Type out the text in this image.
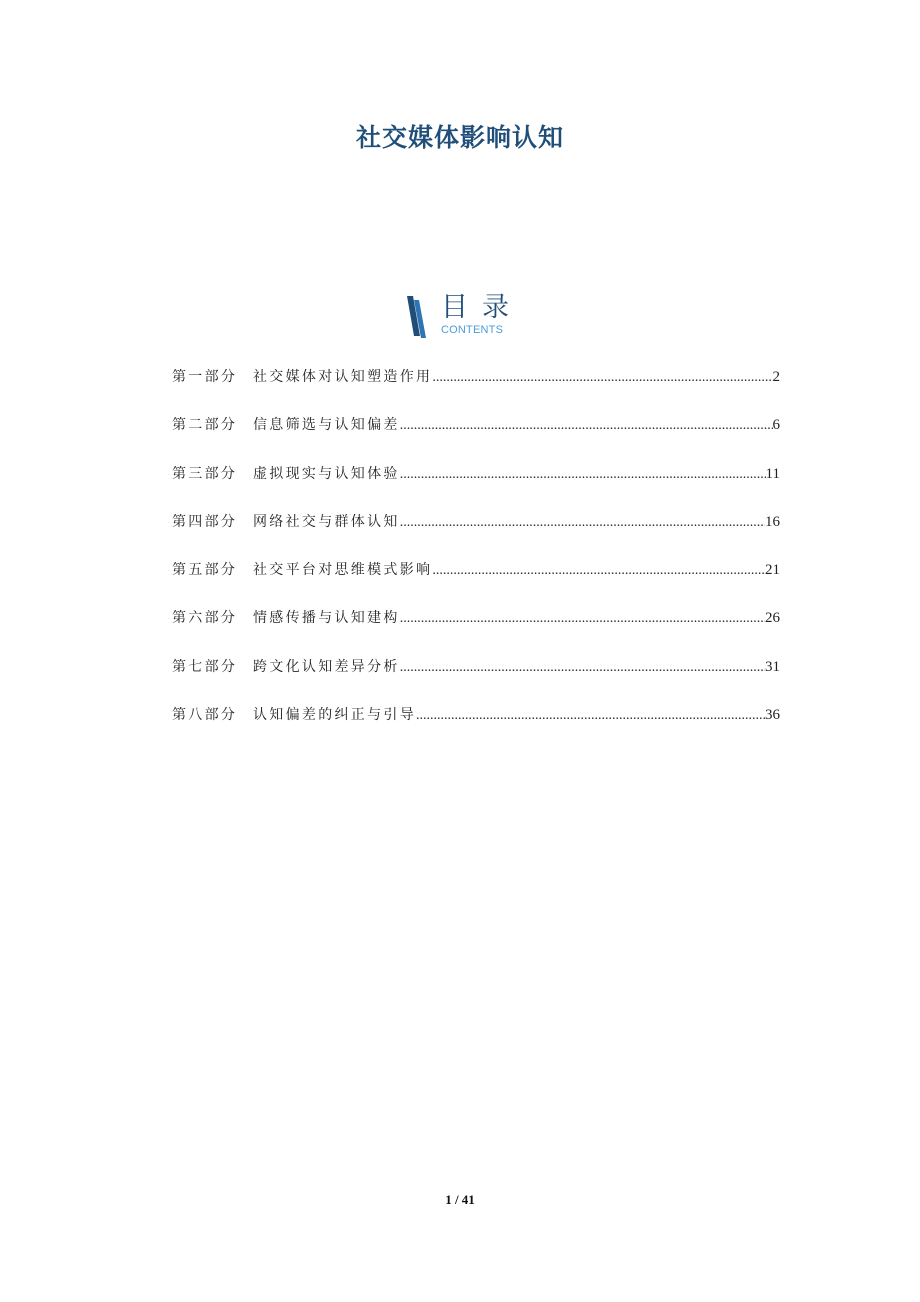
社交媒体影响认知
目录
CONTENTS
第一部分	社交媒体对认知塑造作用 .....	2
第二部分	信息筛选与认知偏差 .....	6
第三部分	虚拟现实与认知体验 .....	11
第四部分	网络社交与群体认知 .....	16
第五部分	社交平台对思维模式影响 .....	21
第六部分	情感传播与认知建构 .....	26
第七部分	跨文化认知差异分析 .....	31
第八部分	认知偏差的纠正与引导 .....	36
1 / 41
